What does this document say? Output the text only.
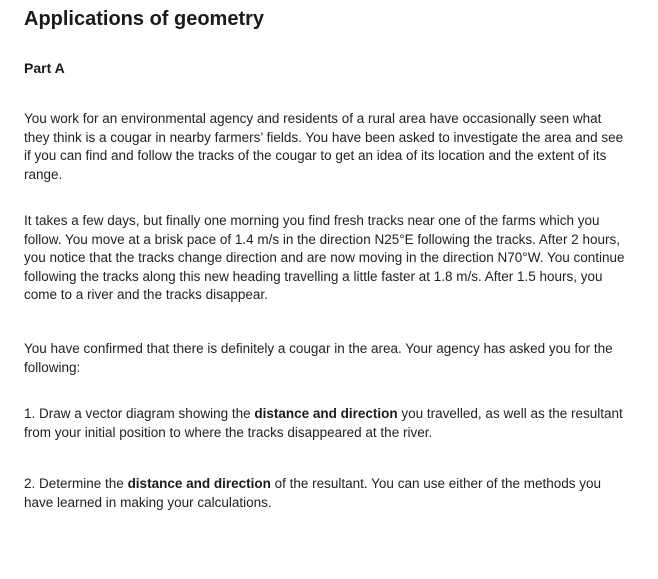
Applications of geometry
Part A

You work for an environmental agency and residents of a rural area have occasionally seen what they think is a cougar in nearby farmers’ fields. You have been asked to investigate the area and see if you can find and follow the tracks of the cougar to get an idea of its location and the extent of its range.

It takes a few days, but finally one morning you find fresh tracks near one of the farms which you follow. You move at a brisk pace of 1.4 m/s in the direction N25°E following the tracks. After 2 hours, you notice that the tracks change direction and are now moving in the direction N70°W. You continue following the tracks along this new heading travelling a little faster at 1.8 m/s. After 1.5 hours, you come to a river and the tracks disappear.

You have confirmed that there is definitely a cougar in the area. Your agency has asked you for the following:

1. Draw a vector diagram showing the distance and direction you travelled, as well as the resultant from your initial position to where the tracks disappeared at the river.

2. Determine the distance and direction of the resultant. You can use either of the methods you have learned in making your calculations.
